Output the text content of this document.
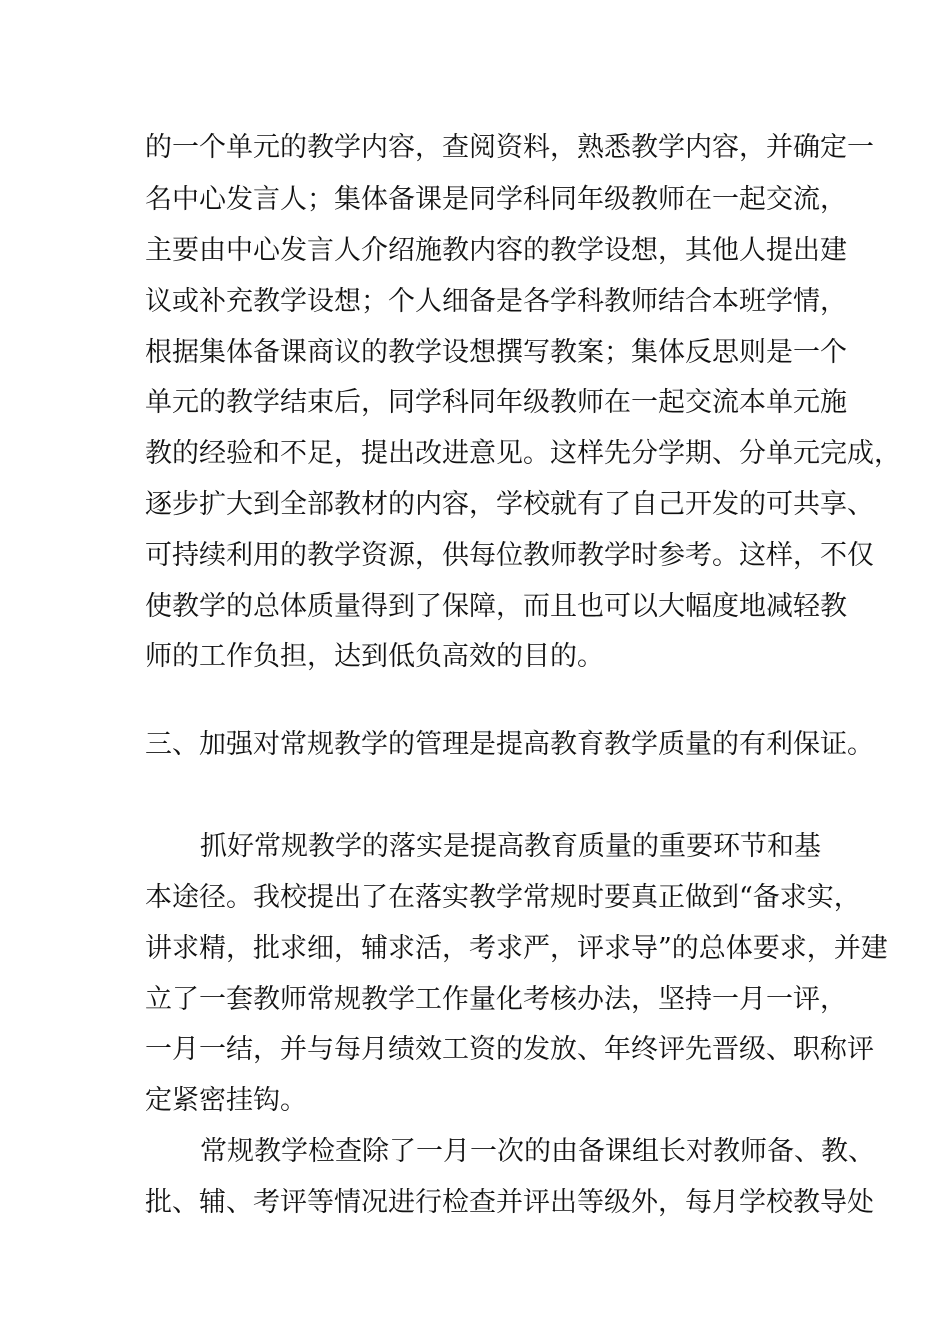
的一个单元的教学内容，查阅资料，熟悉教学内容，并确定一
名中心发言人；集体备课是同学科同年级教师在一起交流，
主要由中心发言人介绍施教内容的教学设想，其他人提出建
议或补充教学设想；个人细备是各学科教师结合本班学情，
根据集体备课商议的教学设想撰写教案；集体反思则是一个
单元的教学结束后，同学科同年级教师在一起交流本单元施
教的经验和不足，提出改进意见。这样先分学期、分单元完成，
逐步扩大到全部教材的内容，学校就有了自己开发的可共享、
可持续利用的教学资源，供每位教师教学时参考。这样，不仅
使教学的总体质量得到了保障，而且也可以大幅度地减轻教
师的工作负担，达到低负高效的目的。
三、加强对常规教学的管理是提高教育教学质量的有利保证。
抓好常规教学的落实是提高教育质量的重要环节和基
本途径。我校提出了在落实教学常规时要真正做到“备求实，
讲求精，批求细，辅求活，考求严，评求导”的总体要求，并建
立了一套教师常规教学工作量化考核办法，坚持一月一评，
一月一结，并与每月绩效工资的发放、年终评先晋级、职称评
定紧密挂钩。
常规教学检查除了一月一次的由备课组长对教师备、教、
批、辅、考评等情况进行检查并评出等级外，每月学校教导处
